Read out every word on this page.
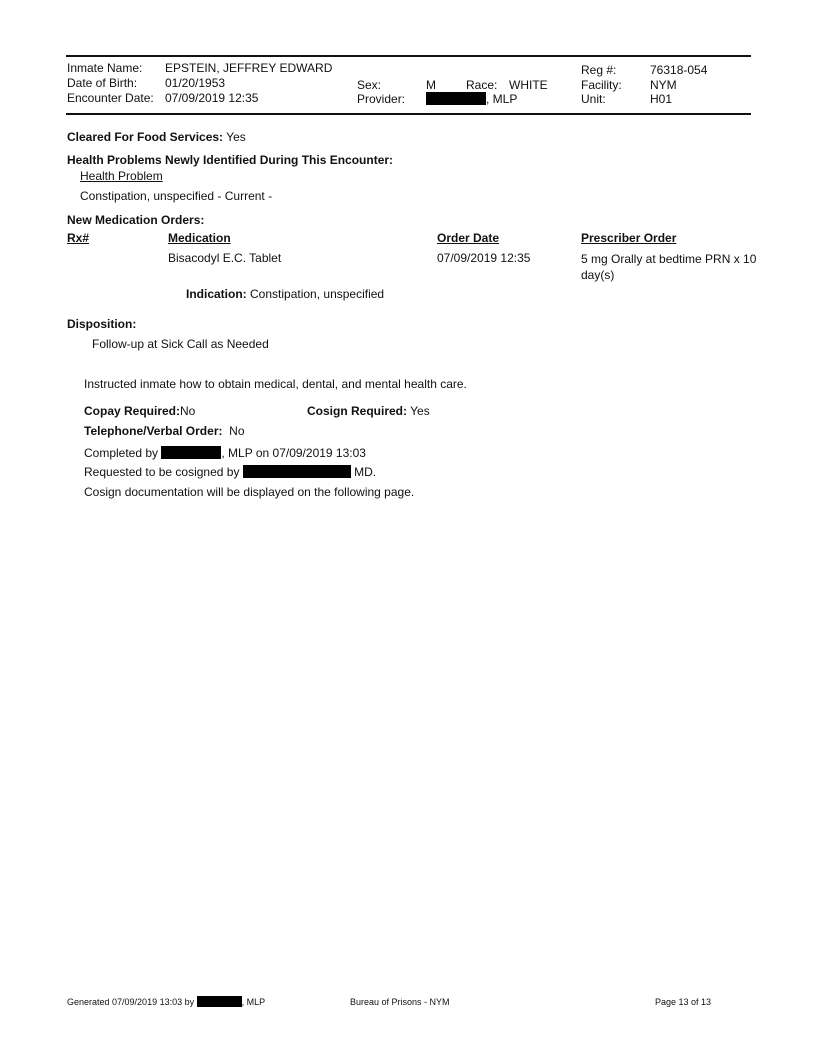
Inmate Name: EPSTEIN, JEFFREY EDWARD
Date of Birth: 01/20/1953
Encounter Date: 07/09/2019 12:35
Sex:	M	Race: WHITE
Provider:	, MLP
Reg #:	76318-054
Facility: NYM
Unit:	H01
Cleared For Food Services: Yes
Health Problems Newly Identified During This Encounter:
Health Problem
Constipation, unspecified - Current -
New Medication Orders:
Rx#	Medication	Order Date	Prescriber Order
Bisacodyl E.C. Tablet	07/09/2019 12:35	5 mg Orally at bedtime PRN x 10 day(s)
Indication: Constipation, unspecified
Disposition:
Follow-up at Sick Call as Needed
Instructed inmate how to obtain medical, dental, and mental health care.
Copay Required:No	Cosign Required: Yes
Telephone/Verbal Order: No
Completed by	, MLP on 07/09/2019 13:03
Requested to be cosigned by	MD.
Cosign documentation will be displayed on the following page.
Generated 07/09/2019 13:03 by	, MLP	Bureau of Prisons - NYM	Page 13 of 13
